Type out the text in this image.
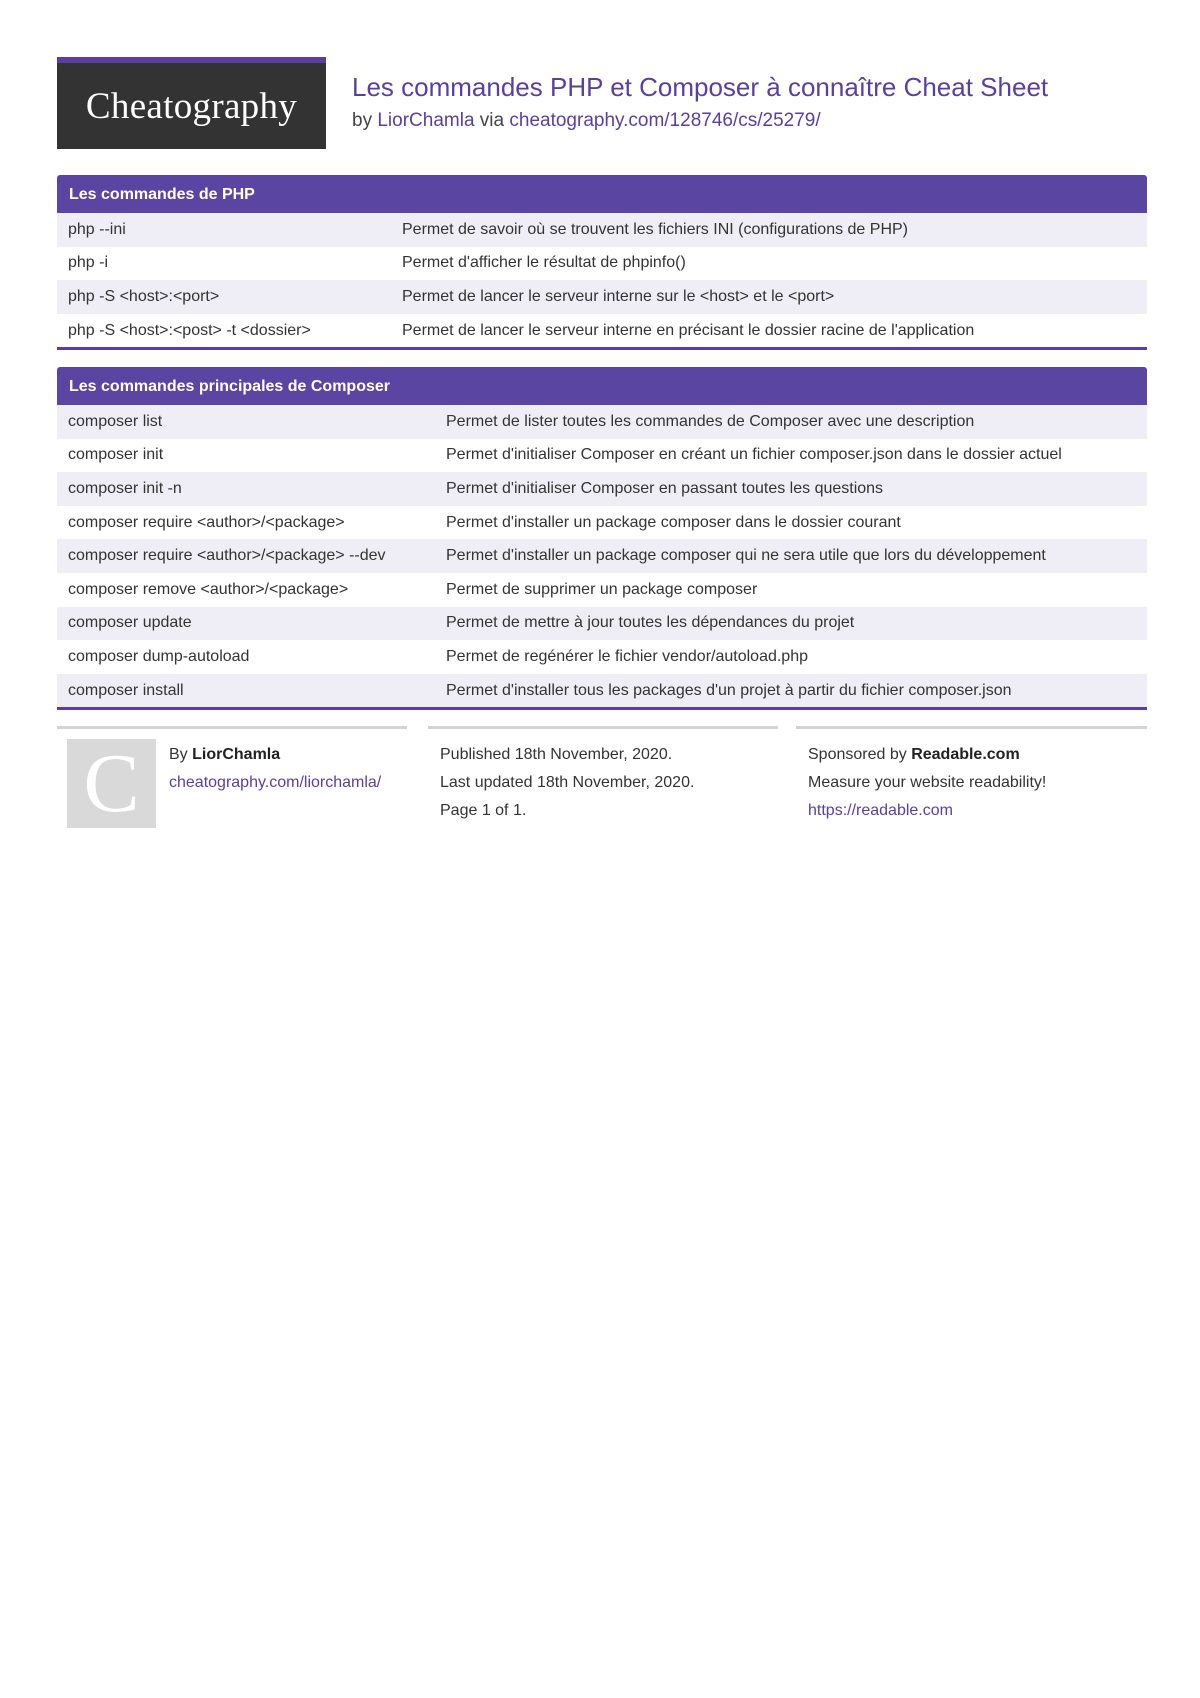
Cheatography Les commandes PHP et Composer à connaître Cheat Sheet
by LiorChamla via cheatography.com/128746/cs/25279/
Les commandes de PHP
php --ini	Permet de savoir où se trouvent les fichiers INI (configurations de PHP)
php -i	Permet d'afficher le résultat de phpinfo()
php -S <host>:<port>	Permet de lancer le serveur interne sur le <host> et le <port>
php -S <host>:<post> -t <dossier>	Permet de lancer le serveur interne en précisant le dossier racine de l'application
Les commandes principales de Composer
composer list	Permet de lister toutes les commandes de Composer avec une description
composer init	Permet d'initialiser Composer en créant un fichier composer.json dans le dossier actuel
composer init -n	Permet d'initialiser Composer en passant toutes les questions
composer require <author>/<package>	Permet d'installer un package composer dans le dossier courant
composer require <author>/<package> --dev	Permet d'installer un package composer qui ne sera utile que lors du développement
composer remove <author>/<package>	Permet de supprimer un package composer
composer update	Permet de mettre à jour toutes les dépendances du projet
composer dump-autoload	Permet de regénérer le fichier vendor/autoload.php
composer install	Permet d'installer tous les packages d'un projet à partir du fichier composer.json
C By LiorChamla
cheatography.com/liorchamla/
Published 18th November, 2020.
Last updated 18th November, 2020.
Page 1 of 1.
Sponsored by Readable.com
Measure your website readability!
https://readable.com
